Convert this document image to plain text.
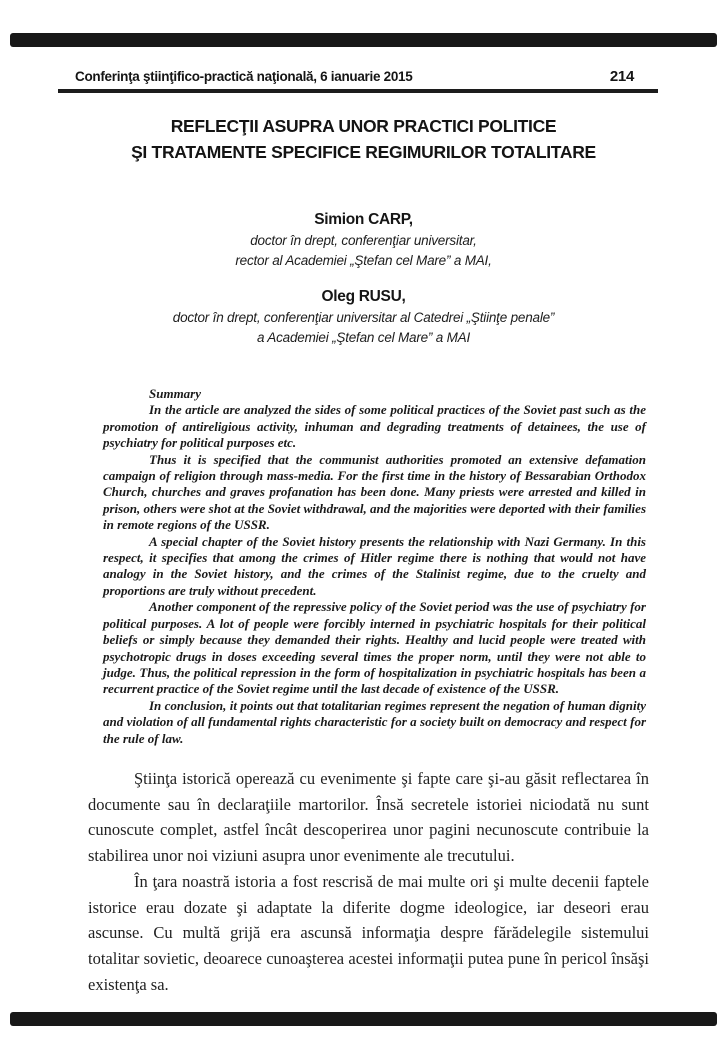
Conferinţa ştiinţifico-practică naţională, 6 ianuarie 2015	214
REFLECŢII ASUPRA UNOR PRACTICI POLITICE
ŞI TRATAMENTE SPECIFICE REGIMURILOR TOTALITARE
Simion CARP,
doctor în drept, conferenţiar universitar,
rector al Academiei „Ştefan cel Mare” a MAI,
Oleg RUSU,
doctor în drept, conferenţiar universitar al Catedrei „Ştiinţe penale”
a Academiei „Ştefan cel Mare” a MAI

Summary

In the article are analyzed the sides of some political practices of the Soviet past such as the promotion of antireligious activity, inhuman and degrading treatments of detainees, the use of psychiatry for political purposes etc.

Thus it is specified that the communist authorities promoted an extensive defamation campaign of religion through mass-media. For the first time in the history of Bessarabian Orthodox Church, churches and graves profanation has been done. Many priests were arrested and killed in prison, others were shot at the Soviet withdrawal, and the majorities were deported with their families in remote regions of the USSR.

A special chapter of the Soviet history presents the relationship with Nazi Germany. In this respect, it specifies that among the crimes of Hitler regime there is nothing that would not have analogy in the Soviet history, and the crimes of the Stalinist regime, due to the cruelty and proportions are truly without precedent.

Another component of the repressive policy of the Soviet period was the use of psychiatry for political purposes. A lot of people were forcibly interned in psychiatric hospitals for their political beliefs or simply because they demanded their rights. Healthy and lucid people were treated with psychotropic drugs in doses exceeding several times the proper norm, until they were not able to judge. Thus, the political repression in the form of hospitalization in psychiatric hospitals has been a recurrent practice of the Soviet regime until the last decade of existence of the USSR.

In conclusion, it points out that totalitarian regimes represent the negation of human dignity and violation of all fundamental rights characteristic for a society built on democracy and respect for the rule of law.

Ştiinţa istorică operează cu evenimente şi fapte care şi-au găsit reflectarea în documente sau în declaraţiile martorilor. Însă secretele istoriei niciodată nu sunt cunoscute complet, astfel încât descoperirea unor pagini necunoscute contribuie la stabilirea unor noi viziuni asupra unor evenimente ale trecutului.

În ţara noastră istoria a fost rescrisă de mai multe ori şi multe decenii faptele istorice erau dozate şi adaptate la diferite dogme ideologice, iar deseori erau ascunse. Cu multă grijă era ascunsă informaţia despre fărădelegile sistemului totalitar sovietic, deoarece cunoaşterea acestei informaţii putea pune în pericol însăşi existenţa sa.
